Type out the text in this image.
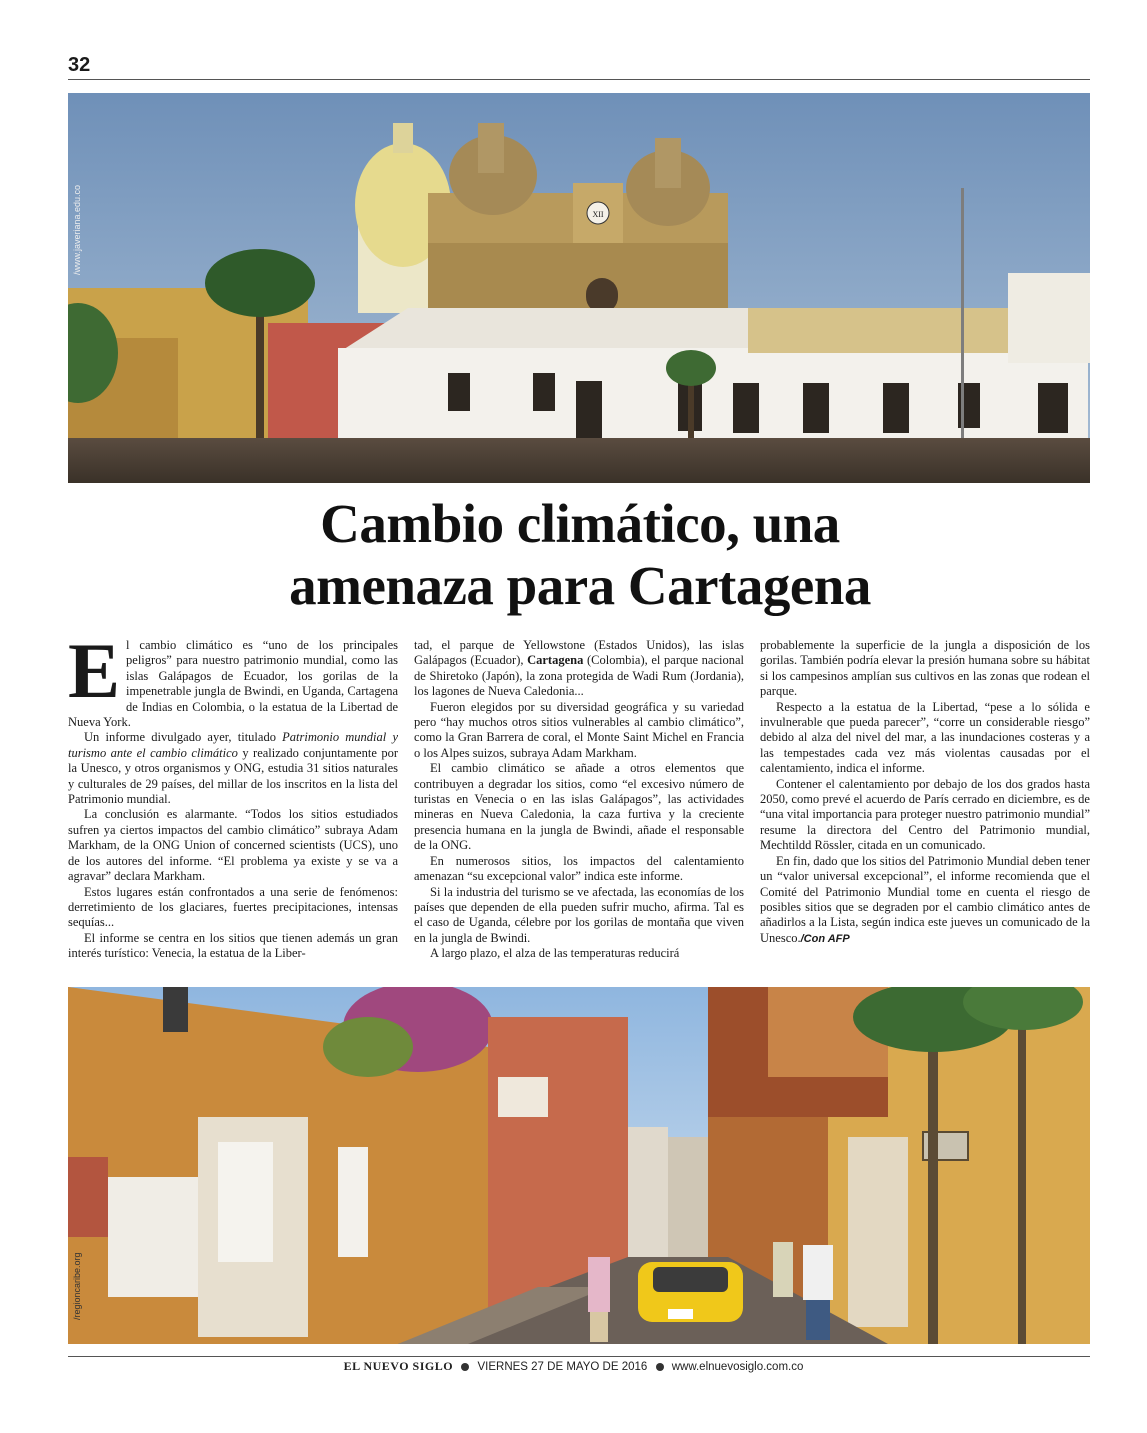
32
XII
/www.javeriana.edu.co
Cambio climático, una
amenaza para Cartagena

El cambio climático es “uno de los principales peligros” para nuestro patrimonio mundial, como las islas Galápagos de Ecuador, los gorilas de la impenetrable jungla de Bwindi, en Uganda, Cartagena de Indias en Colombia, o la estatua de la Libertad de Nueva York.

Un informe divulgado ayer, titulado Patrimonio mundial y turismo ante el cambio climático y realizado conjuntamente por la Unesco, y otros organismos y ONG, estudia 31 sitios naturales y culturales de 29 países, del millar de los inscritos en la lista del Patrimonio mundial.

La conclusión es alarmante. “Todos los sitios estudiados sufren ya ciertos impactos del cambio climático” subraya Adam Markham, de la ONG Union of concerned scientists (UCS), uno de los autores del informe. “El problema ya existe y se va a agravar” declara Markham.

Estos lugares están confrontados a una serie de fenómenos: derretimiento de los glaciares, fuertes precipitaciones, intensas sequías...

El informe se centra en los sitios que tienen además un gran interés turístico: Venecia, la estatua de la Liber-

tad, el parque de Yellowstone (Estados Unidos), las islas Galápagos (Ecuador), Cartagena (Colombia), el parque nacional de Shiretoko (Japón), la zona protegida de Wadi Rum (Jordania), los lagones de Nueva Caledonia...

Fueron elegidos por su diversidad geográfica y su variedad pero “hay muchos otros sitios vulnerables al cambio climático”, como la Gran Barrera de coral, el Monte Saint Michel en Francia o los Alpes suizos, subraya Adam Markham.

El cambio climático se añade a otros elementos que contribuyen a degradar los sitios, como “el excesivo número de turistas en Venecia o en las islas Galápagos”, las actividades mineras en Nueva Caledonia, la caza furtiva y la creciente presencia humana en la jungla de Bwindi, añade el responsable de la ONG.

En numerosos sitios, los impactos del calentamiento amenazan “su excepcional valor” indica este informe.

Si la industria del turismo se ve afectada, las economías de los países que dependen de ella pueden sufrir mucho, afirma. Tal es el caso de Uganda, célebre por los gorilas de montaña que viven en la jungla de Bwindi.

A largo plazo, el alza de las temperaturas reducirá

probablemente la superficie de la jungla a disposición de los gorilas. También podría elevar la presión humana sobre su hábitat si los campesinos amplían sus cultivos en las zonas que rodean el parque.

Respecto a la estatua de la Libertad, “pese a lo sólida e invulnerable que pueda parecer”, “corre un considerable riesgo” debido al alza del nivel del mar, a las inundaciones costeras y a las tempestades cada vez más violentas causadas por el calentamiento, indica el informe.

Contener el calentamiento por debajo de los dos grados hasta 2050, como prevé el acuerdo de París cerrado en diciembre, es de “una vital importancia para proteger nuestro patrimonio mundial” resume la directora del Centro del Patrimonio mundial, Mechtildd Rössler, citada en un comunicado.

En fin, dado que los sitios del Patrimonio Mundial deben tener un “valor universal excepcional”, el informe recomienda que el Comité del Patrimonio Mundial tome en cuenta el riesgo de posibles sitios que se degraden por el cambio climático antes de añadirlos a la Lista, según indica este jueves un comunicado de la Unesco./Con AFP

/regioncaribe.org
EL NUEVO SIGLO VIERNES 27 DE MAYO DE 2016 www.elnuevosiglo.com.co
